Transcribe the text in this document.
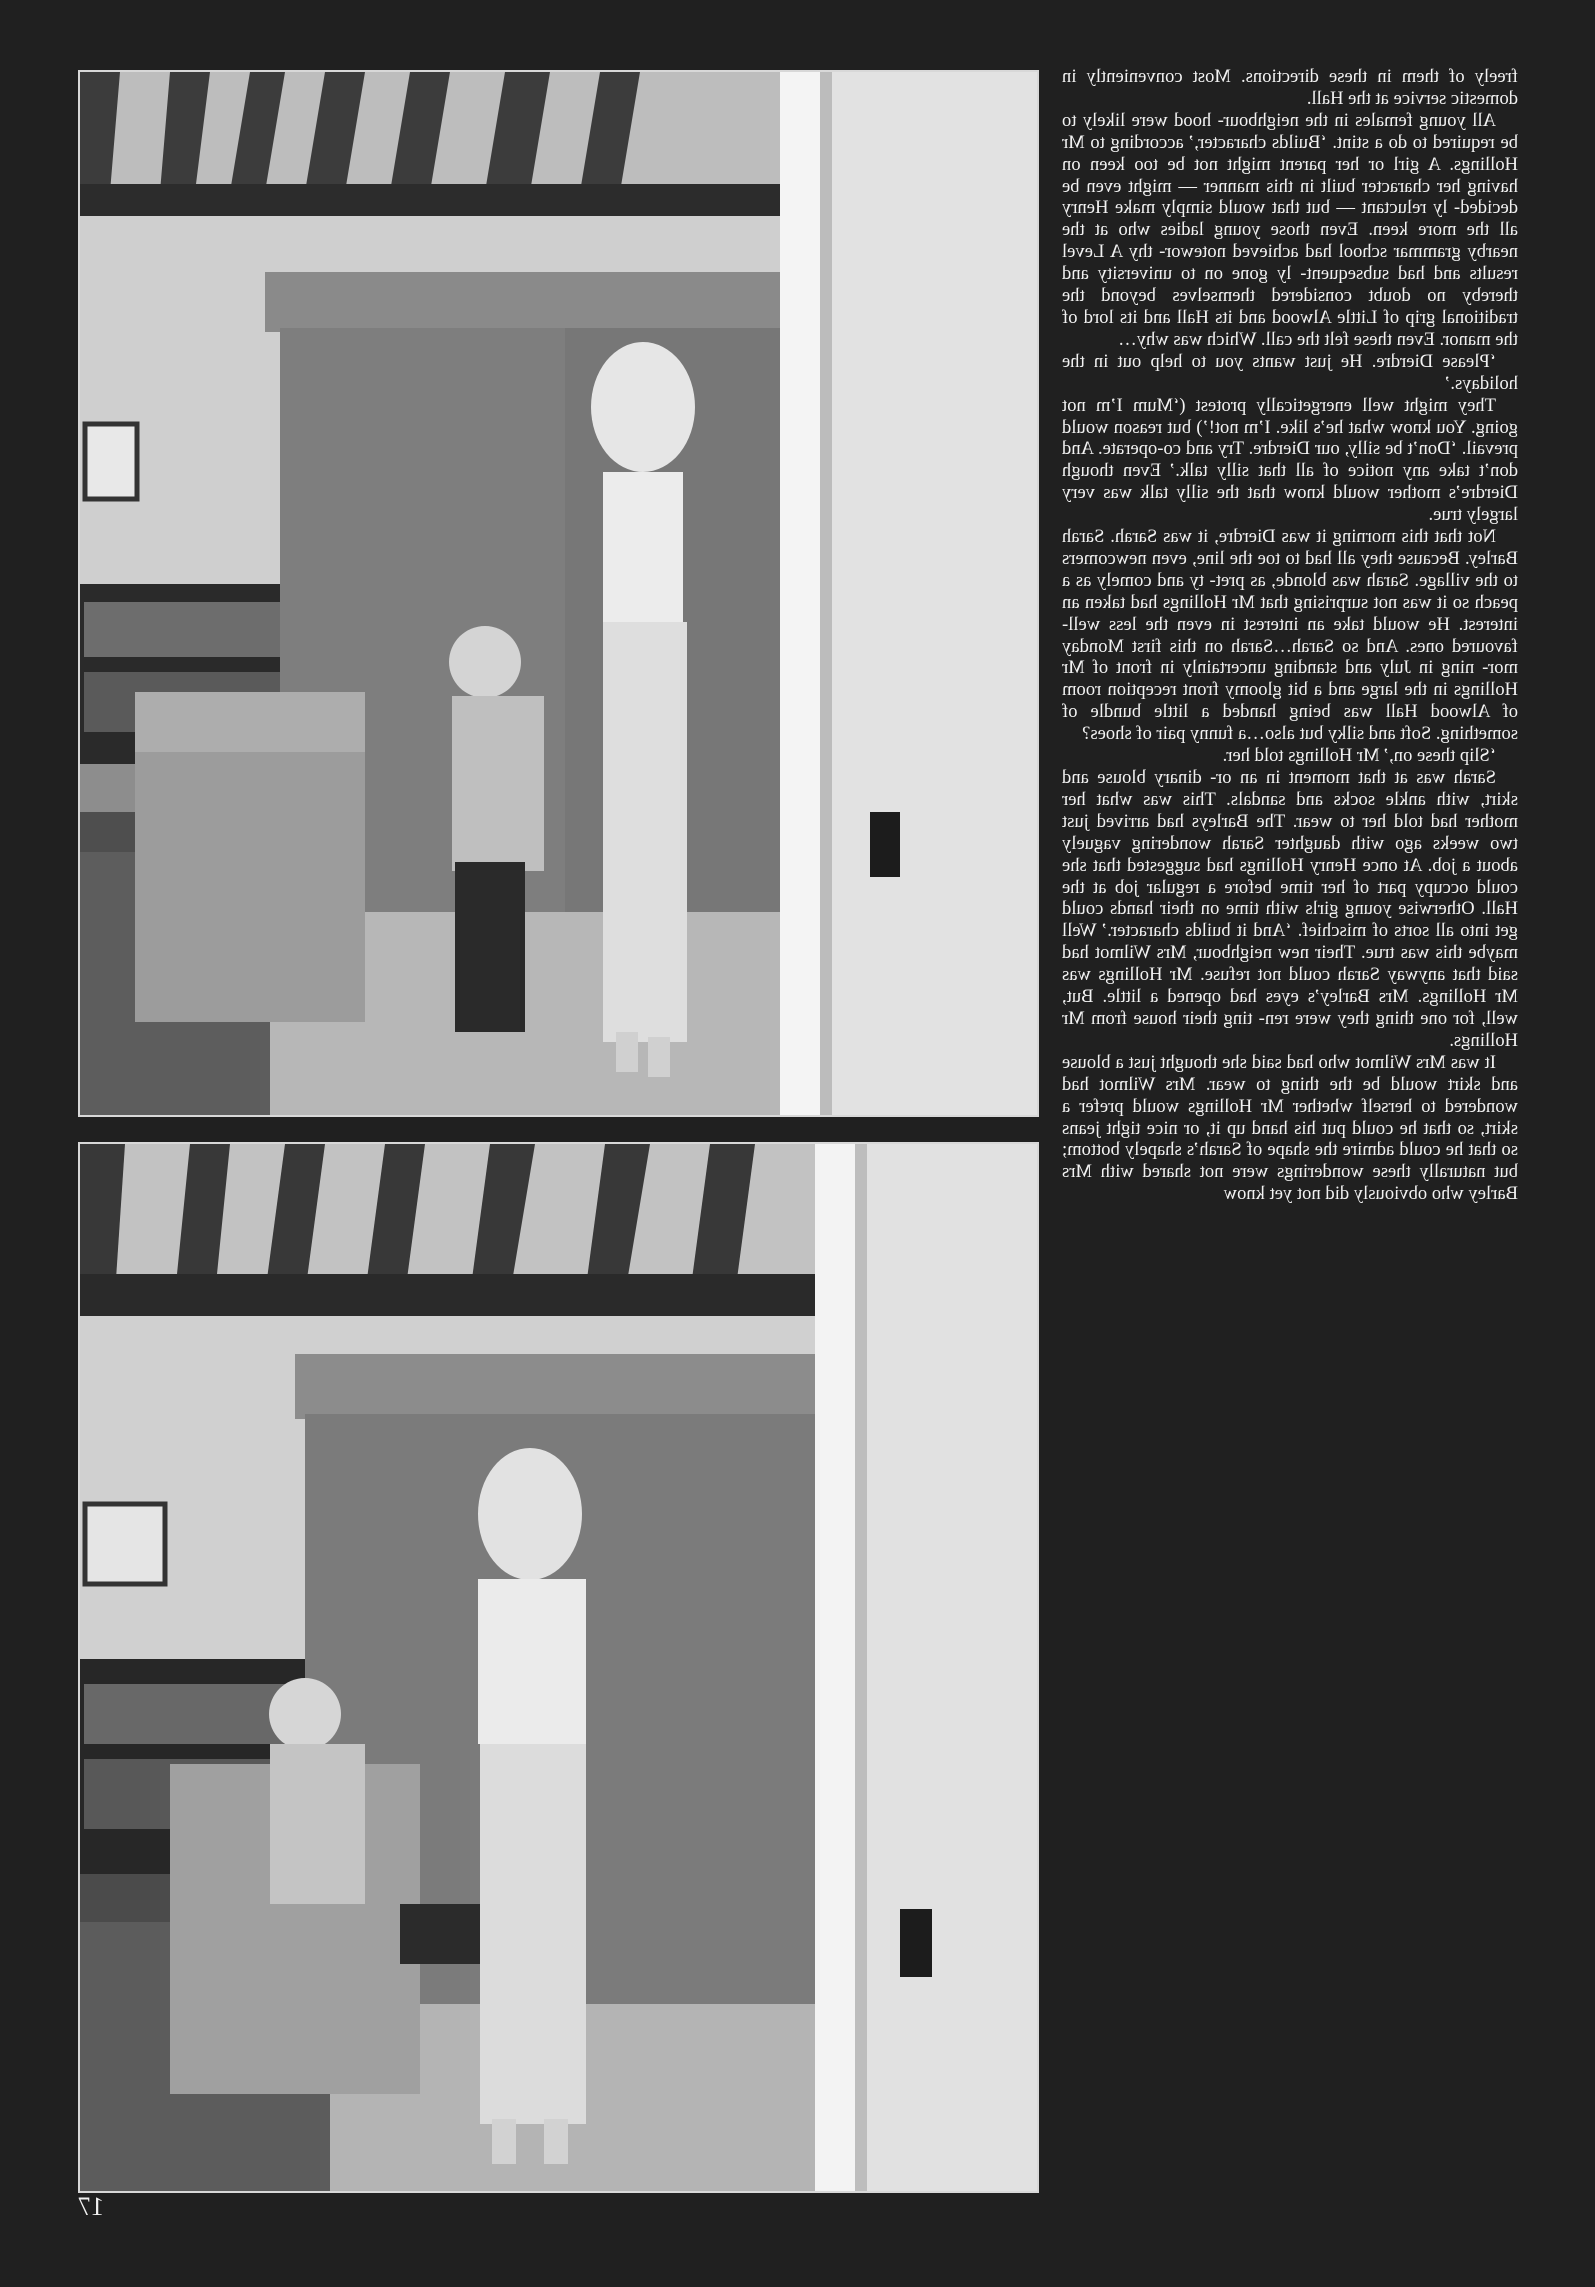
freely of them in these directions. Most conveniently in domestic service at the Hall.

All young females in the neighbour- hood were likely to be required to do a stint. ‘Builds character,’ according to Mr Hollings. A girl or her parent might not be too keen on having her character built in this manner — might even be decided- ly reluctant — but that would simply make Henry all the more keen. Even those young ladies who at the nearby grammar school had achieved notewor- thy A Level results and had subsequent- ly gone on to university and thereby no doubt considered themselves beyond the traditional grip of Little Alwood and its Hall and its lord of the manor. Even these felt the call. Which was why…

‘Please Dierdre. He just wants you to help out in the holidays.’

They might well energetically protest (‘Mum I’m not going. You know what he’s like. I’m not!’) but reason would prevail. ‘Don’t be silly, our Dierdre. Try and co-operate. And don’t take any notice of all that silly talk.’ Even though Dierdre’s mother would know that the silly talk was very largely true.

Not that this morning it was Dierdre, it was Sarah. Sarah Barley. Because they all had to toe the line, even newcomers to the village. Sarah was blonde, as pret- ty and comely as a peach so it was not surprising that Mr Hollings had taken an interest. He would take an interest in even the less well-favoured ones. And so Sarah…Sarah on this first Monday mor- ning in July and standing uncertainly in front of Mr Hollings in the large and a bit gloomy front reception room of Alwood Hall was being handed a little bundle of something. Soft and silky but also…a funny pair of shoes?

‘Slip these on,’ Mr Hollings told her.

Sarah was at that moment in an or- dinary blouse and skirt, with ankle socks and sandals. This was what her mother had told her to wear. The Barleys had arrived just two weeks ago with daughter Sarah wondering vaguely about a job. At once Henry Hollings had suggested that she could occupy part of her time before a regular job at the Hall. Otherwise young girls with time on their hands could get into all sorts of mischief. ‘And it builds character.’ Well maybe this was true. Their new neighbour, Mrs Wilmot had said that anyway Sarah could not refuse. Mr Hollings was Mr Hollings. Mrs Barley’s eyes had opened a little. But, well, for one thing they were ren- ting their house from Mr Hollings.

It was Mrs Wilmot who had said she thought just a blouse and skirt would be the thing to wear. Mrs Wilmot had wondered to herself whether Mr Hollings would prefer a skirt, so that he could put his hand up it, or nice tight jeans so that he could admire the shape of Sarah’s shapely bottom; but naturally these wonderings were not shared with Mrs Barley who obviously did not yet know

17
